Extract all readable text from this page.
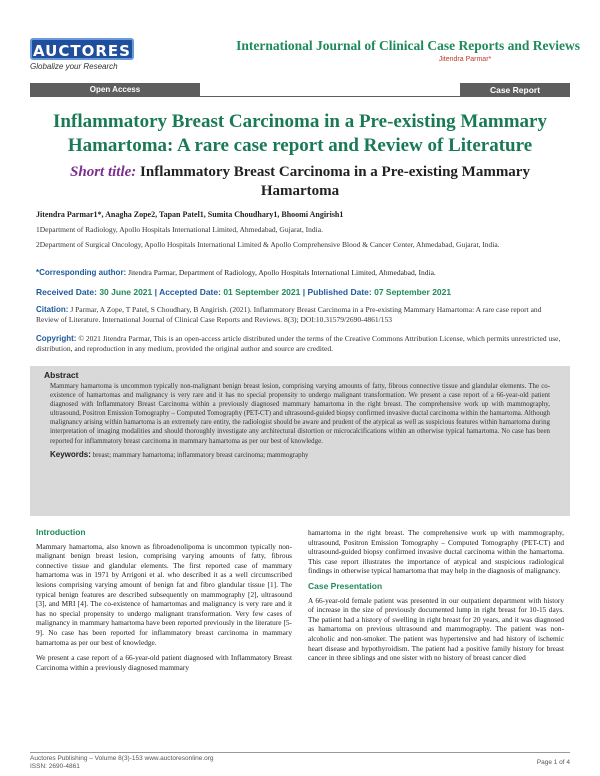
AUCTORES
Globalize your Research
International Journal of Clinical Case Reports and Reviews
Jitendra Parmar*
Open Access	Case Report
Inflammatory Breast Carcinoma in a Pre-existing Mammary Hamartoma: A rare case report and Review of Literature
Short title: Inflammatory Breast Carcinoma in a Pre-existing Mammary Hamartoma
Jitendra Parmar1*, Anagha Zope2, Tapan Patel1, Sumita Choudhary1, Bhoomi Angirish1
1Department of Radiology, Apollo Hospitals International Limited, Ahmedabad, Gujarat, India.
2Department of Surgical Oncology, Apollo Hospitals International Limited & Apollo Comprehensive Blood & Cancer Center, Ahmedabad, Gujarat, India.
*Corresponding author: Jitendra Parmar, Department of Radiology, Apollo Hospitals International Limited, Ahmedabad, India.
Received Date: 30 June 2021 | Accepted Date: 01 September 2021 | Published Date: 07 September 2021
Citation: J Parmar, A Zope, T Patel, S Choudhary, B Angirish. (2021). Inflammatory Breast Carcinoma in a Pre-existing Mammary Hamartoma: A rare case report and Review of Literature. International Journal of Clinical Case Reports and Reviews. 8(3); DOI:10.31579/2690-4861/153
Copyright: © 2021 Jitendra Parmar, This is an open-access article distributed under the terms of the Creative Commons Attribution License, which permits unrestricted use, distribution, and reproduction in any medium, provided the original author and source are credited.
Abstract
Mammary hamartoma is uncommon typically non-malignant benign breast lesion, comprising varying amounts of fatty, fibrous connective tissue and glandular elements. The co-existence of hamartomas and malignancy is very rare and it has no special propensity to undergo malignant transformation. We present a case report of a 66-year-old patient diagnosed with Inflammatory Breast Carcinoma within a previously diagnosed mammary hamartoma in the right breast. The comprehensive work up with mammography, ultrasound, Positron Emission Tomography – Computed Tomography (PET-CT) and ultrasound-guided biopsy confirmed invasive ductal carcinoma within the hamartoma. Although malignancy arising within hamartoma is an extremely rare entity, the radiologist should be aware and prudent of the atypical as well as suspicious features within hamartoma during interpretation of imaging modalities and should thoroughly investigate any architectural distortion or microcalcifications within an otherwise typical hamartoma. No case has been reported for inflammatory breast carcinoma in mammary hamartoma as per our best of knowledge.
Keywords: breast; mammary hamartoma; inflammatory breast carcinoma; mammography
Introduction

Mammary hamartoma, also known as fibroadenolipoma is uncommon typically non-malignant benign breast lesion, comprising varying amounts of fatty, fibrous connective tissue and glandular elements. The first reported case of mammary hamartoma was in 1971 by Arrigoni et al. who described it as a well circumscribed lesions comprising varying amount of benign fat and fibro glandular tissue [1]. The typical benign features are described subsequently on mammography [2], ultrasound [3], and MRI [4]. The co-existence of hamartomas and malignancy is very rare and it has no special propensity to undergo malignant transformation. Very few cases of malignancy in mammary hamartoma have been reported previously in the literature [5-9]. No case has been reported for inflammatory breast carcinoma in mammary hamartoma as per our best of knowledge.

We present a case report of a 66-year-old patient diagnosed with Inflammatory Breast Carcinoma within a previously diagnosed mammary

hamartoma in the right breast. The comprehensive work up with mammography, ultrasound, Positron Emission Tomography – Computed Tomography (PET-CT) and ultrasound-guided biopsy confirmed invasive ductal carcinoma within the hamartoma. This case report illustrates the importance of atypical and suspicious radiological findings in otherwise typical hamartoma that may help in the diagnosis of malignancy.

Case Presentation

A 66-year-old female patient was presented in our outpatient department with history of increase in the size of previously documented lump in right breast for 10-15 days. The patient had a history of swelling in right breast for 20 years, and it was diagnosed as hamartoma on previous ultrasound and mammography. The patient was non-alcoholic and non-smoker. The patient was hypertensive and had history of ischemic heart disease and hypothyroidism. The patient had a positive family history for breast cancer in three siblings and one sister with no history of breast cancer died

Auctores Publishing – Volume 8(3)-153 www.auctoresonline.org
ISSN: 2690-4861
Page 1 of 4
